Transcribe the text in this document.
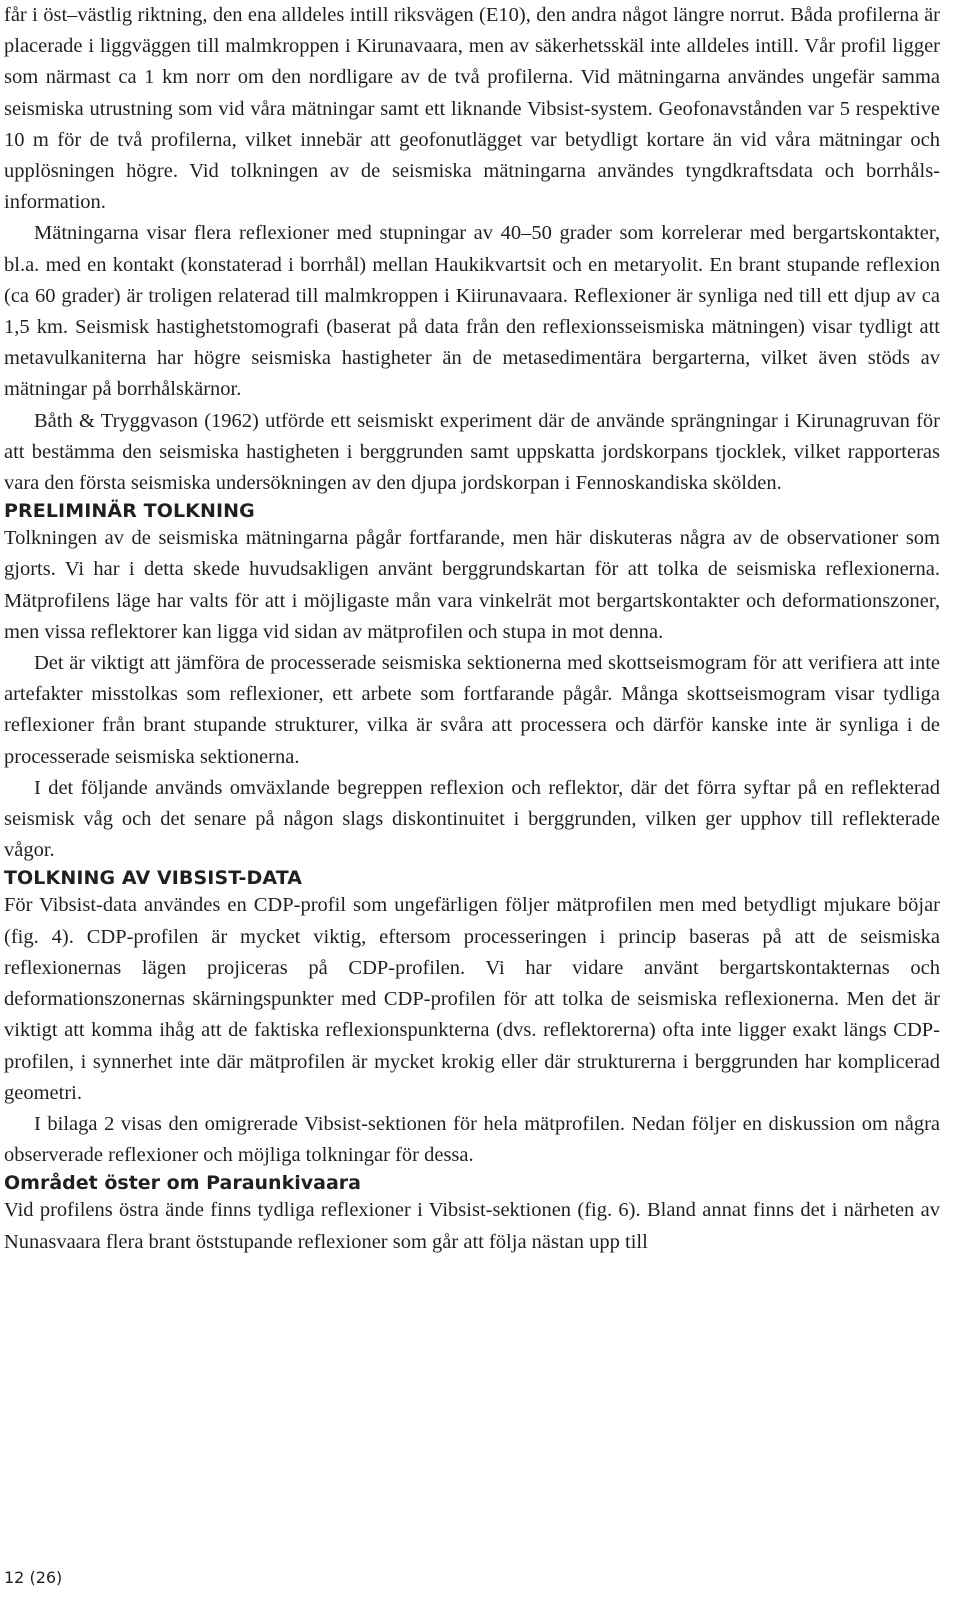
får i öst–västlig riktning, den ena alldeles intill riksvägen (E10), den andra något längre norrut. Båda profilerna är placerade i liggväggen till malmkroppen i Kirunavaara, men av säkerhetsskäl inte alldeles intill. Vår profil ligger som närmast ca 1 km norr om den nordligare av de två profilerna. Vid mätningarna användes ungefär samma seismiska utrustning som vid våra mätningar samt ett liknande Vibsist-system. Geofonavstånden var 5 respektive 10 m för de två profilerna, vilket innebär att geofonutlägget var betydligt kortare än vid våra mätningar och upplösningen högre. Vid tolkningen av de seismiska mätningarna användes tyngdkraftsdata och borrhålsinformation.

Mätningarna visar flera reflexioner med stupningar av 40–50 grader som korrelerar med bergartskontakter, bl.a. med en kontakt (konstaterad i borrhål) mellan Haukikvartsit och en metaryolit. En brant stupande reflexion (ca 60 grader) är troligen relaterad till malmkroppen i Kiirunavaara. Reflexioner är synliga ned till ett djup av ca 1,5 km. Seismisk hastighetstomografi (baserat på data från den reflexionsseismiska mätningen) visar tydligt att metavulkaniterna har högre seismiska hastigheter än de metasedimentära bergarterna, vilket även stöds av mätningar på borrhålskärnor.

Båth & Tryggvason (1962) utförde ett seismiskt experiment där de använde sprängningar i Kirunagruvan för att bestämma den seismiska hastigheten i berggrunden samt uppskatta jordskorpans tjocklek, vilket rapporteras vara den första seismiska undersökningen av den djupa jordskorpan i Fennoskandiska skölden.

PRELIMINÄR TOLKNING

Tolkningen av de seismiska mätningarna pågår fortfarande, men här diskuteras några av de observationer som gjorts. Vi har i detta skede huvudsakligen använt berggrundskartan för att tolka de seismiska reflexionerna. Mätprofilens läge har valts för att i möjligaste mån vara vinkelrät mot bergartskontakter och deformationszoner, men vissa reflektorer kan ligga vid sidan av mätprofilen och stupa in mot denna.

Det är viktigt att jämföra de processerade seismiska sektionerna med skottseismogram för att verifiera att inte artefakter misstolkas som reflexioner, ett arbete som fortfarande pågår. Många skottseismogram visar tydliga reflexioner från brant stupande strukturer, vilka är svåra att processera och därför kanske inte är synliga i de processerade seismiska sektionerna.

I det följande används omväxlande begreppen reflexion och reflektor, där det förra syftar på en reflekterad seismisk våg och det senare på någon slags diskontinuitet i berggrunden, vilken ger upphov till reflekterade vågor.

TOLKNING AV VIBSIST-DATA

För Vibsist-data användes en CDP-profil som ungefärligen följer mätprofilen men med betydligt mjukare böjar (fig. 4). CDP-profilen är mycket viktig, eftersom processeringen i princip baseras på att de seismiska reflexionernas lägen projiceras på CDP-profilen. Vi har vidare använt bergartskontakternas och deformationszonernas skärningspunkter med CDP-profilen för att tolka de seismiska reflexionerna. Men det är viktigt att komma ihåg att de faktiska reflexionspunkterna (dvs. reflektorerna) ofta inte ligger exakt längs CDP-profilen, i synnerhet inte där mätprofilen är mycket krokig eller där strukturerna i berggrunden har komplicerad geometri.

I bilaga 2 visas den omigrerade Vibsist-sektionen för hela mätprofilen. Nedan följer en diskussion om några observerade reflexioner och möjliga tolkningar för dessa.

Området öster om Paraunkivaara

Vid profilens östra ände finns tydliga reflexioner i Vibsist-sektionen (fig. 6). Bland annat finns det i närheten av Nunasvaara flera brant öststupande reflexioner som går att följa nästan upp till

12 (26)
